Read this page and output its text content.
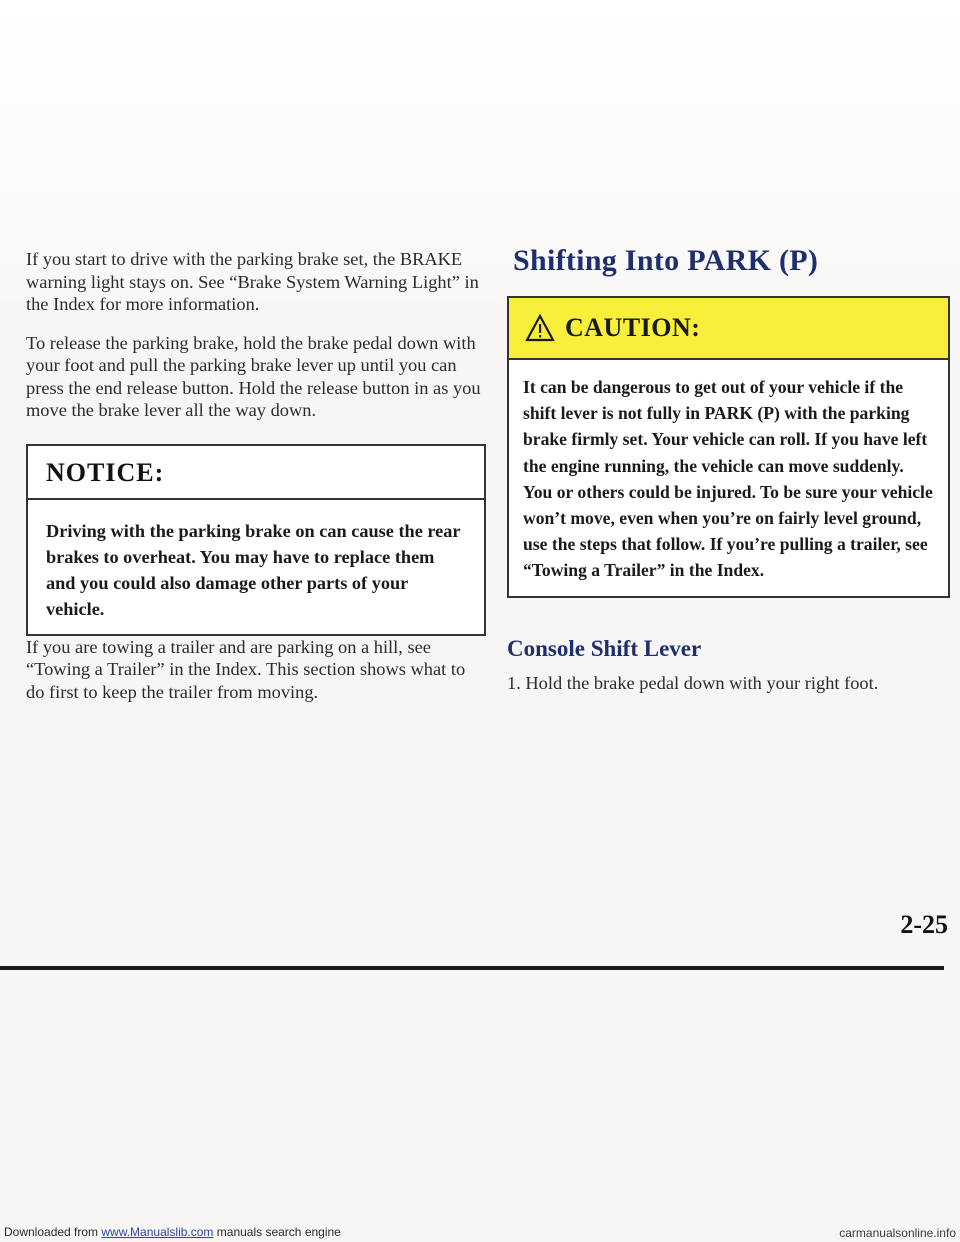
If you start to drive with the parking brake set, the BRAKE warning light stays on. See “Brake System Warning Light” in the Index for more information.

To release the parking brake, hold the brake pedal down with your foot and pull the parking brake lever up until you can press the end release button. Hold the release button in as you move the brake lever all the way down.

NOTICE:
Driving with the parking brake on can cause the rear brakes to overheat. You may have to replace them and you could also damage other parts of your vehicle.

If you are towing a trailer and are parking on a hill, see “Towing a Trailer” in the Index. This section shows what to do first to keep the trailer from moving.

Shifting Into PARK (P)
CAUTION:
It can be dangerous to get out of your vehicle if the shift lever is not fully in PARK (P) with the parking brake firmly set. Your vehicle can roll. If you have left the engine running, the vehicle can move suddenly. You or others could be injured. To be sure your vehicle won’t move, even when you’re on fairly level ground, use the steps that follow. If you’re pulling a trailer, see “Towing a Trailer” in the Index.
Console Shift Lever

1. Hold the brake pedal down with your right foot.

2-25
Downloaded from www.Manualslib.com manuals search engine	carmanualsonline.info
